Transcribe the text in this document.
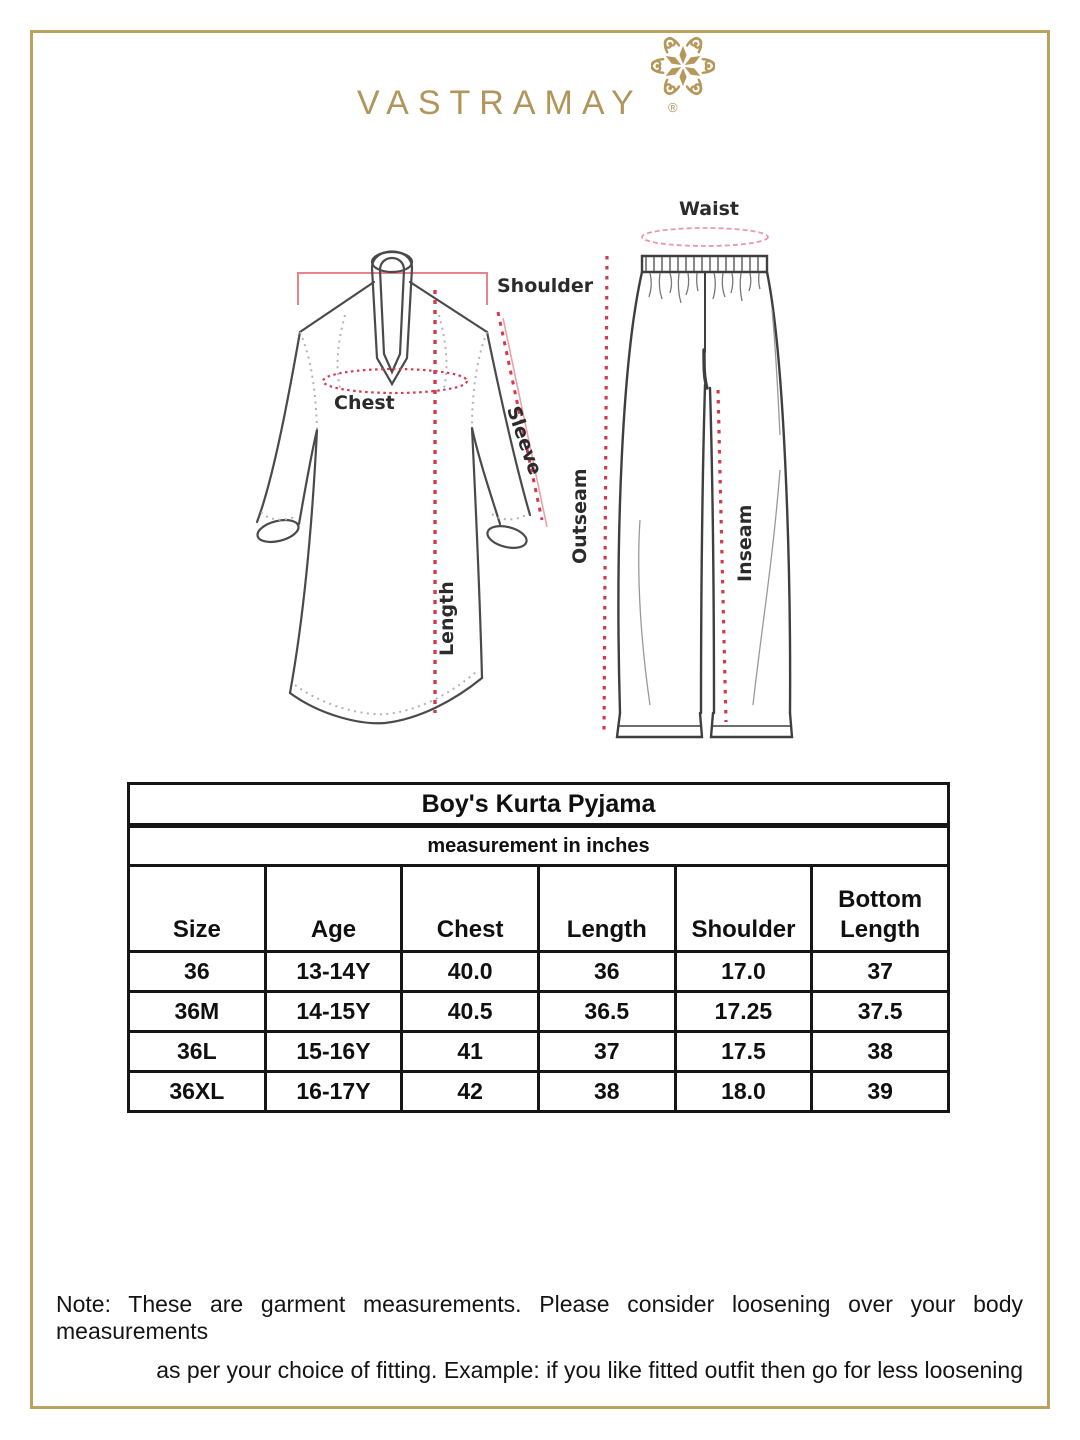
VASTRAMAY ®
Shoulder
Chest
Sleeve
Length
Waist
Outseam	Inseam
Boy's Kurta Pyjama					
measurement in inches					
Size	Age	Chest	Length	Shoulder	Bottom Length
36	13-14Y	40.0	36	17.0	37
36M	14-15Y	40.5	36.5	17.25	37.5
36L	15-16Y	41	37	17.5	38
36XL	16-17Y	42	38	18.0	39
Note: These are garment measurements. Please consider loosening over your body measurements
as per your choice of fitting. Example: if you like fitted outfit then go for less loosening
